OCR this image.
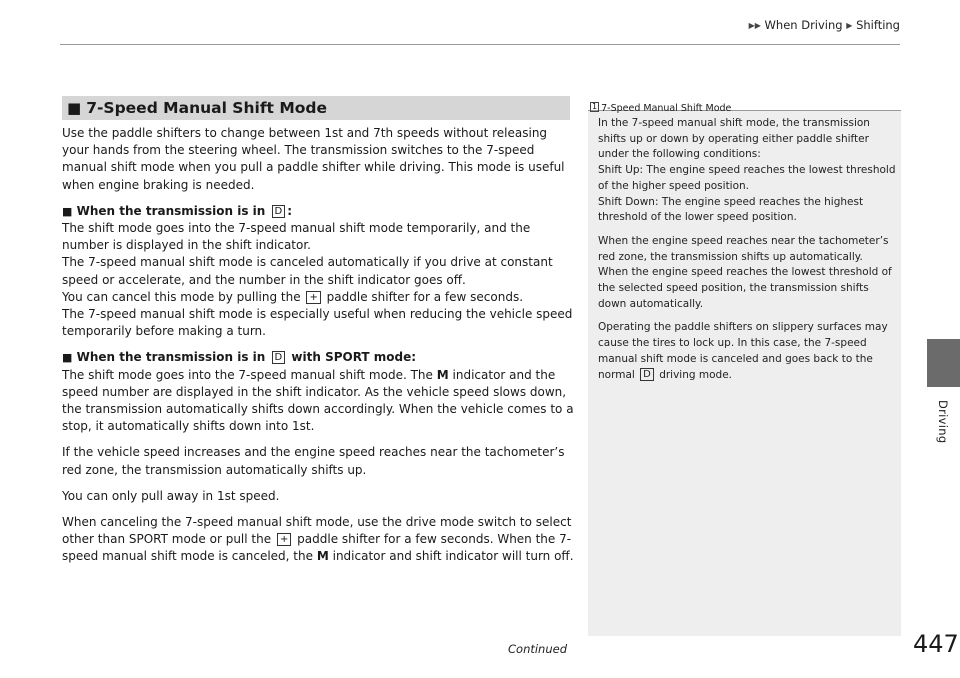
▶▶ When Driving ▶ Shifting
Driving
■ 7-Speed Manual Shift Mode

Use the paddle shifters to change between 1st and 7th speeds without releasing your hands from the steering wheel. The transmission switches to the 7-speed manual shift mode when you pull a paddle shifter while driving. This mode is useful when engine braking is needed.

■ When the transmission is in D :

The shift mode goes into the 7-speed manual shift mode temporarily, and the number is displayed in the shift indicator.

The 7-speed manual shift mode is canceled automatically if you drive at constant speed or accelerate, and the number in the shift indicator goes off.

You can cancel this mode by pulling the + paddle shifter for a few seconds.

The 7-speed manual shift mode is especially useful when reducing the vehicle speed temporarily before making a turn.

■ When the transmission is in D with SPORT mode:

The shift mode goes into the 7-speed manual shift mode. The M indicator and the speed number are displayed in the shift indicator. As the vehicle speed slows down, the transmission automatically shifts down accordingly. When the vehicle comes to a stop, it automatically shifts down into 1st.

If the vehicle speed increases and the engine speed reaches near the tachometer’s red zone, the transmission automatically shifts up.

You can only pull away in 1st speed.

When canceling the 7-speed manual shift mode, use the drive mode switch to select other than SPORT mode or pull the + paddle shifter for a few seconds. When the 7-speed manual shift mode is canceled, the M indicator and shift indicator will turn off.

1 7-Speed Manual Shift Mode

In the 7-speed manual shift mode, the transmission shifts up or down by operating either paddle shifter under the following conditions:

Shift Up: The engine speed reaches the lowest threshold of the higher speed position.

Shift Down: The engine speed reaches the highest threshold of the lower speed position.

When the engine speed reaches near the tachometer’s red zone, the transmission shifts up automatically.

When the engine speed reaches the lowest threshold of the selected speed position, the transmission shifts down automatically.

Operating the paddle shifters on slippery surfaces may cause the tires to lock up. In this case, the 7-speed manual shift mode is canceled and goes back to the normal D driving mode.

Continued	447
